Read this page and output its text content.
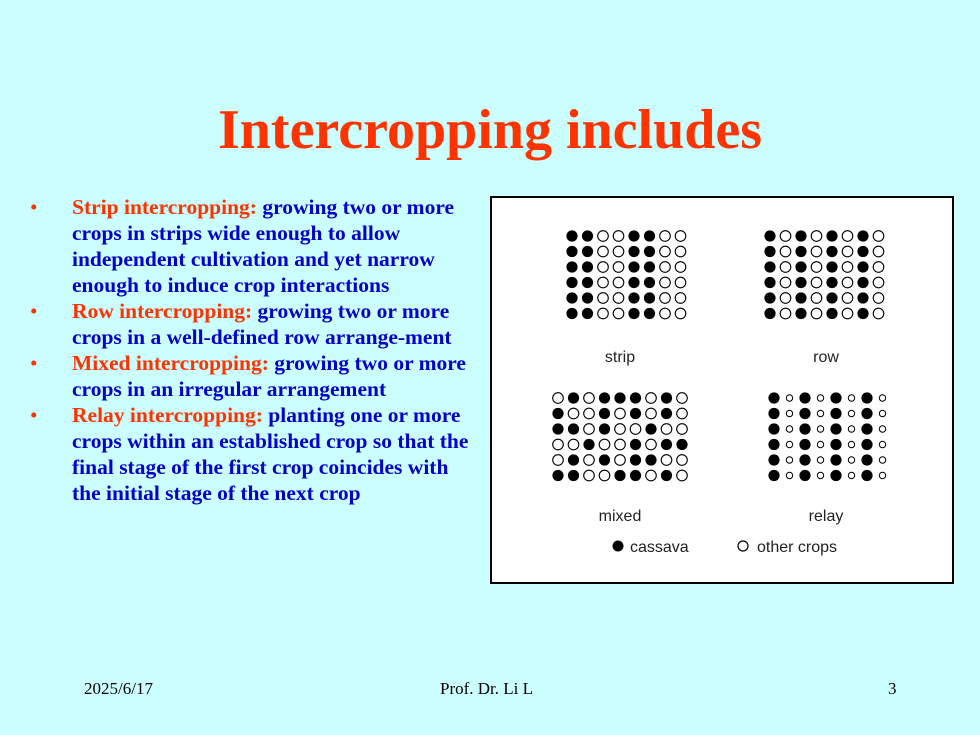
Intercropping includes
• Strip intercropping: growing two or more crops in strips wide enough to allow independent cultivation and yet narrow enough to induce crop interactions
• Row intercropping: growing two or more crops in a well-defined row arrange-ment
• Mixed intercropping: growing two or more crops in an irregular arrangement
• Relay intercropping: planting one or more crops within an established crop so that the final stage of the first crop coincides with the initial stage of the next crop
strip	row
mixed	relay
cassava	other crops
2025/6/17	Prof. Dr. Li L	3
